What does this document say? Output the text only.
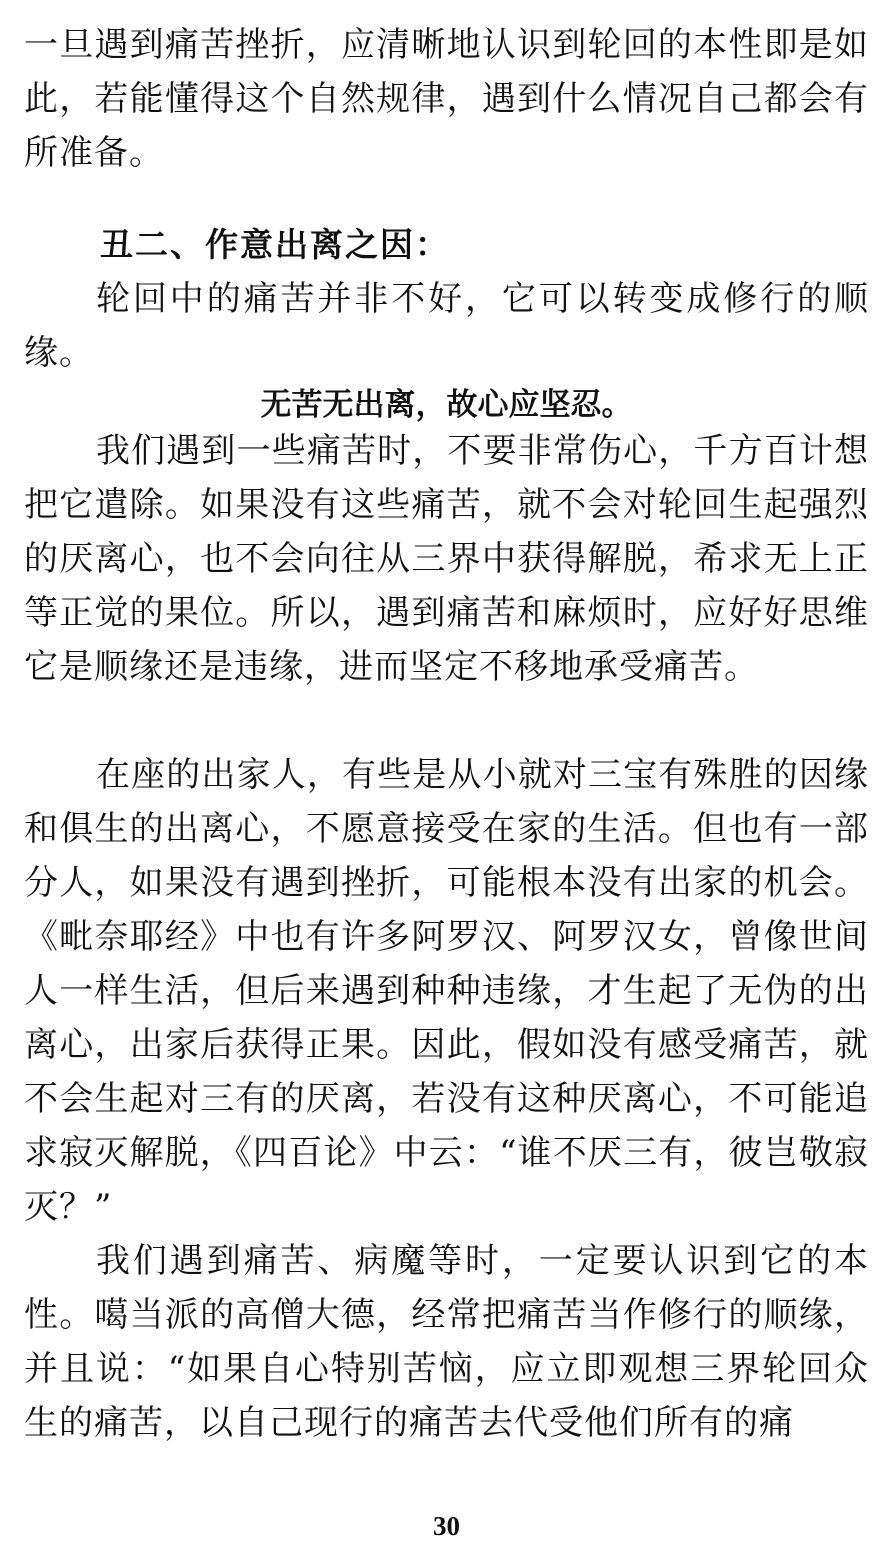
一旦遇到痛苦挫折，应清晰地认识到轮回的本性即是如此，若能懂得这个自然规律，遇到什么情况自己都会有所准备。

丑二、作意出离之因：

轮回中的痛苦并非不好，它可以转变成修行的顺缘。

无苦无出离，故心应坚忍。

我们遇到一些痛苦时，不要非常伤心，千方百计想把它遣除。如果没有这些痛苦，就不会对轮回生起强烈的厌离心，也不会向往从三界中获得解脱，希求无上正等正觉的果位。所以，遇到痛苦和麻烦时，应好好思维它是顺缘还是违缘，进而坚定不移地承受痛苦。

在座的出家人，有些是从小就对三宝有殊胜的因缘和俱生的出离心，不愿意接受在家的生活。但也有一部分人，如果没有遇到挫折，可能根本没有出家的机会。《毗奈耶经》中也有许多阿罗汉、阿罗汉女，曾像世间人一样生活，但后来遇到种种违缘，才生起了无伪的出离心，出家后获得正果。因此，假如没有感受痛苦，就不会生起对三有的厌离，若没有这种厌离心，不可能追求寂灭解脱，《四百论》中云：“谁不厌三有，彼岂敬寂灭？”

我们遇到痛苦、病魔等时，一定要认识到它的本性。噶当派的高僧大德，经常把痛苦当作修行的顺缘，并且说：“如果自心特别苦恼，应立即观想三界轮回众生的痛苦，以自己现行的痛苦去代受他们所有的痛

30
